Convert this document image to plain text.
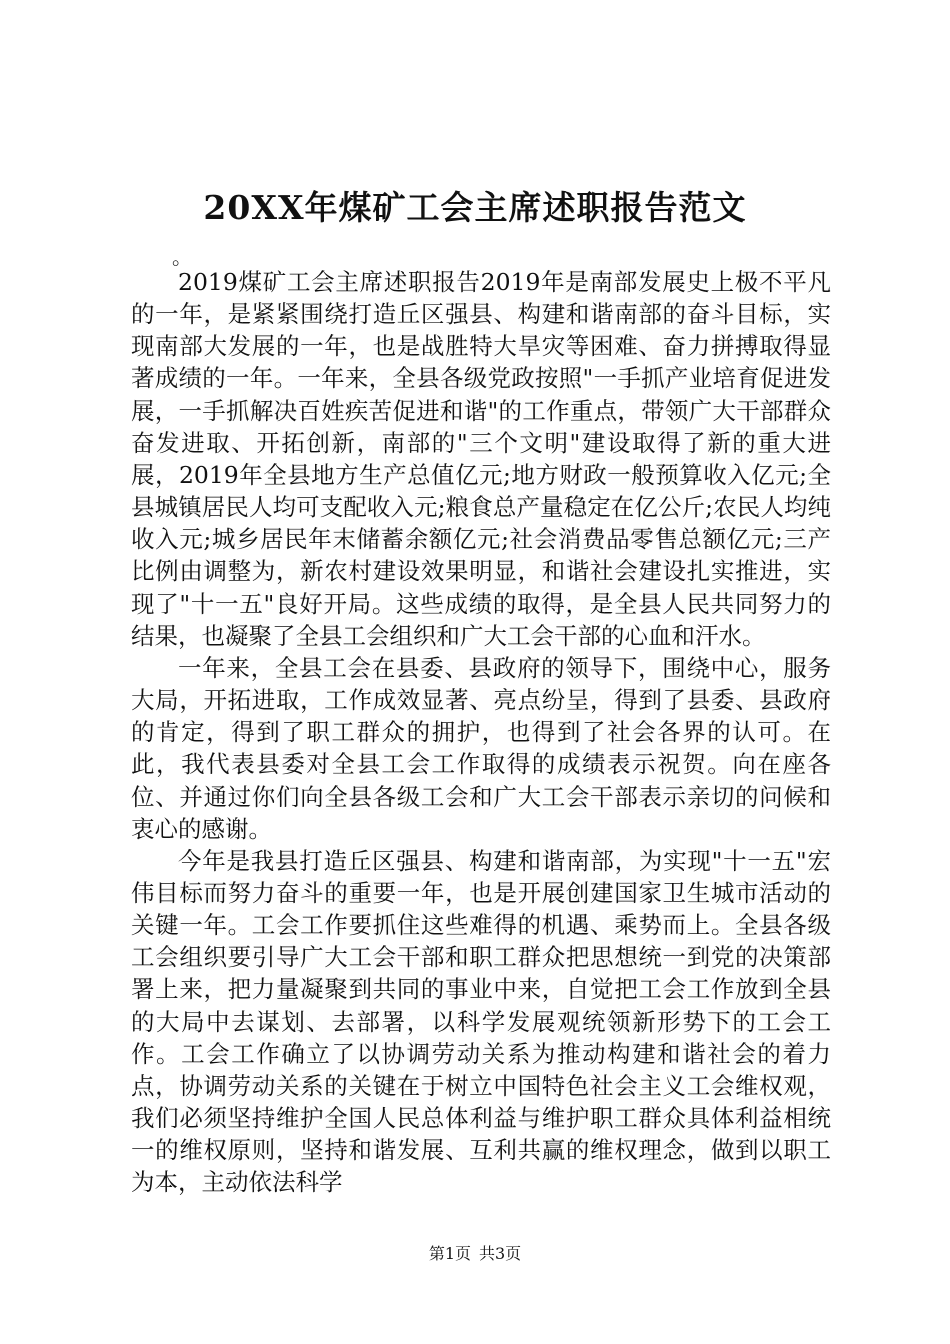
20XX年煤矿工会主席述职报告范文
。

2019煤矿工会主席述职报告2019年是南部发展史上极不平凡的一年，是紧紧围绕打造丘区强县、构建和谐南部的奋斗目标，实现南部大发展的一年，也是战胜特大旱灾等困难、奋力拼搏取得显著成绩的一年。一年来，全县各级党政按照"一手抓产业培育促进发展，一手抓解决百姓疾苦促进和谐"的工作重点，带领广大干部群众奋发进取、开拓创新，南部的"三个文明"建设取得了新的重大进展，2019年全县地方生产总值亿元;地方财政一般预算收入亿元;全县城镇居民人均可支配收入元;粮食总产量稳定在亿公斤;农民人均纯收入元;城乡居民年末储蓄余额亿元;社会消费品零售总额亿元;三产比例由调整为，新农村建设效果明显，和谐社会建设扎实推进，实现了"十一五"良好开局。这些成绩的取得，是全县人民共同努力的结果，也凝聚了全县工会组织和广大工会干部的心血和汗水。

一年来，全县工会在县委、县政府的领导下，围绕中心，服务大局，开拓进取，工作成效显著、亮点纷呈，得到了县委、县政府的肯定，得到了职工群众的拥护，也得到了社会各界的认可。在此，我代表县委对全县工会工作取得的成绩表示祝贺。向在座各位、并通过你们向全县各级工会和广大工会干部表示亲切的问候和衷心的感谢。

今年是我县打造丘区强县、构建和谐南部，为实现"十一五"宏伟目标而努力奋斗的重要一年，也是开展创建国家卫生城市活动的关键一年。工会工作要抓住这些难得的机遇、乘势而上。全县各级工会组织要引导广大工会干部和职工群众把思想统一到党的决策部署上来，把力量凝聚到共同的事业中来，自觉把工会工作放到全县的大局中去谋划、去部署，以科学发展观统领新形势下的工会工作。工会工作确立了以协调劳动关系为推动构建和谐社会的着力点，协调劳动关系的关键在于树立中国特色社会主义工会维权观，我们必须坚持维护全国人民总体利益与维护职工群众具体利益相统一的维权原则，坚持和谐发展、互利共赢的维权理念，做到以职工为本，主动依法科学

第1页 共3页
